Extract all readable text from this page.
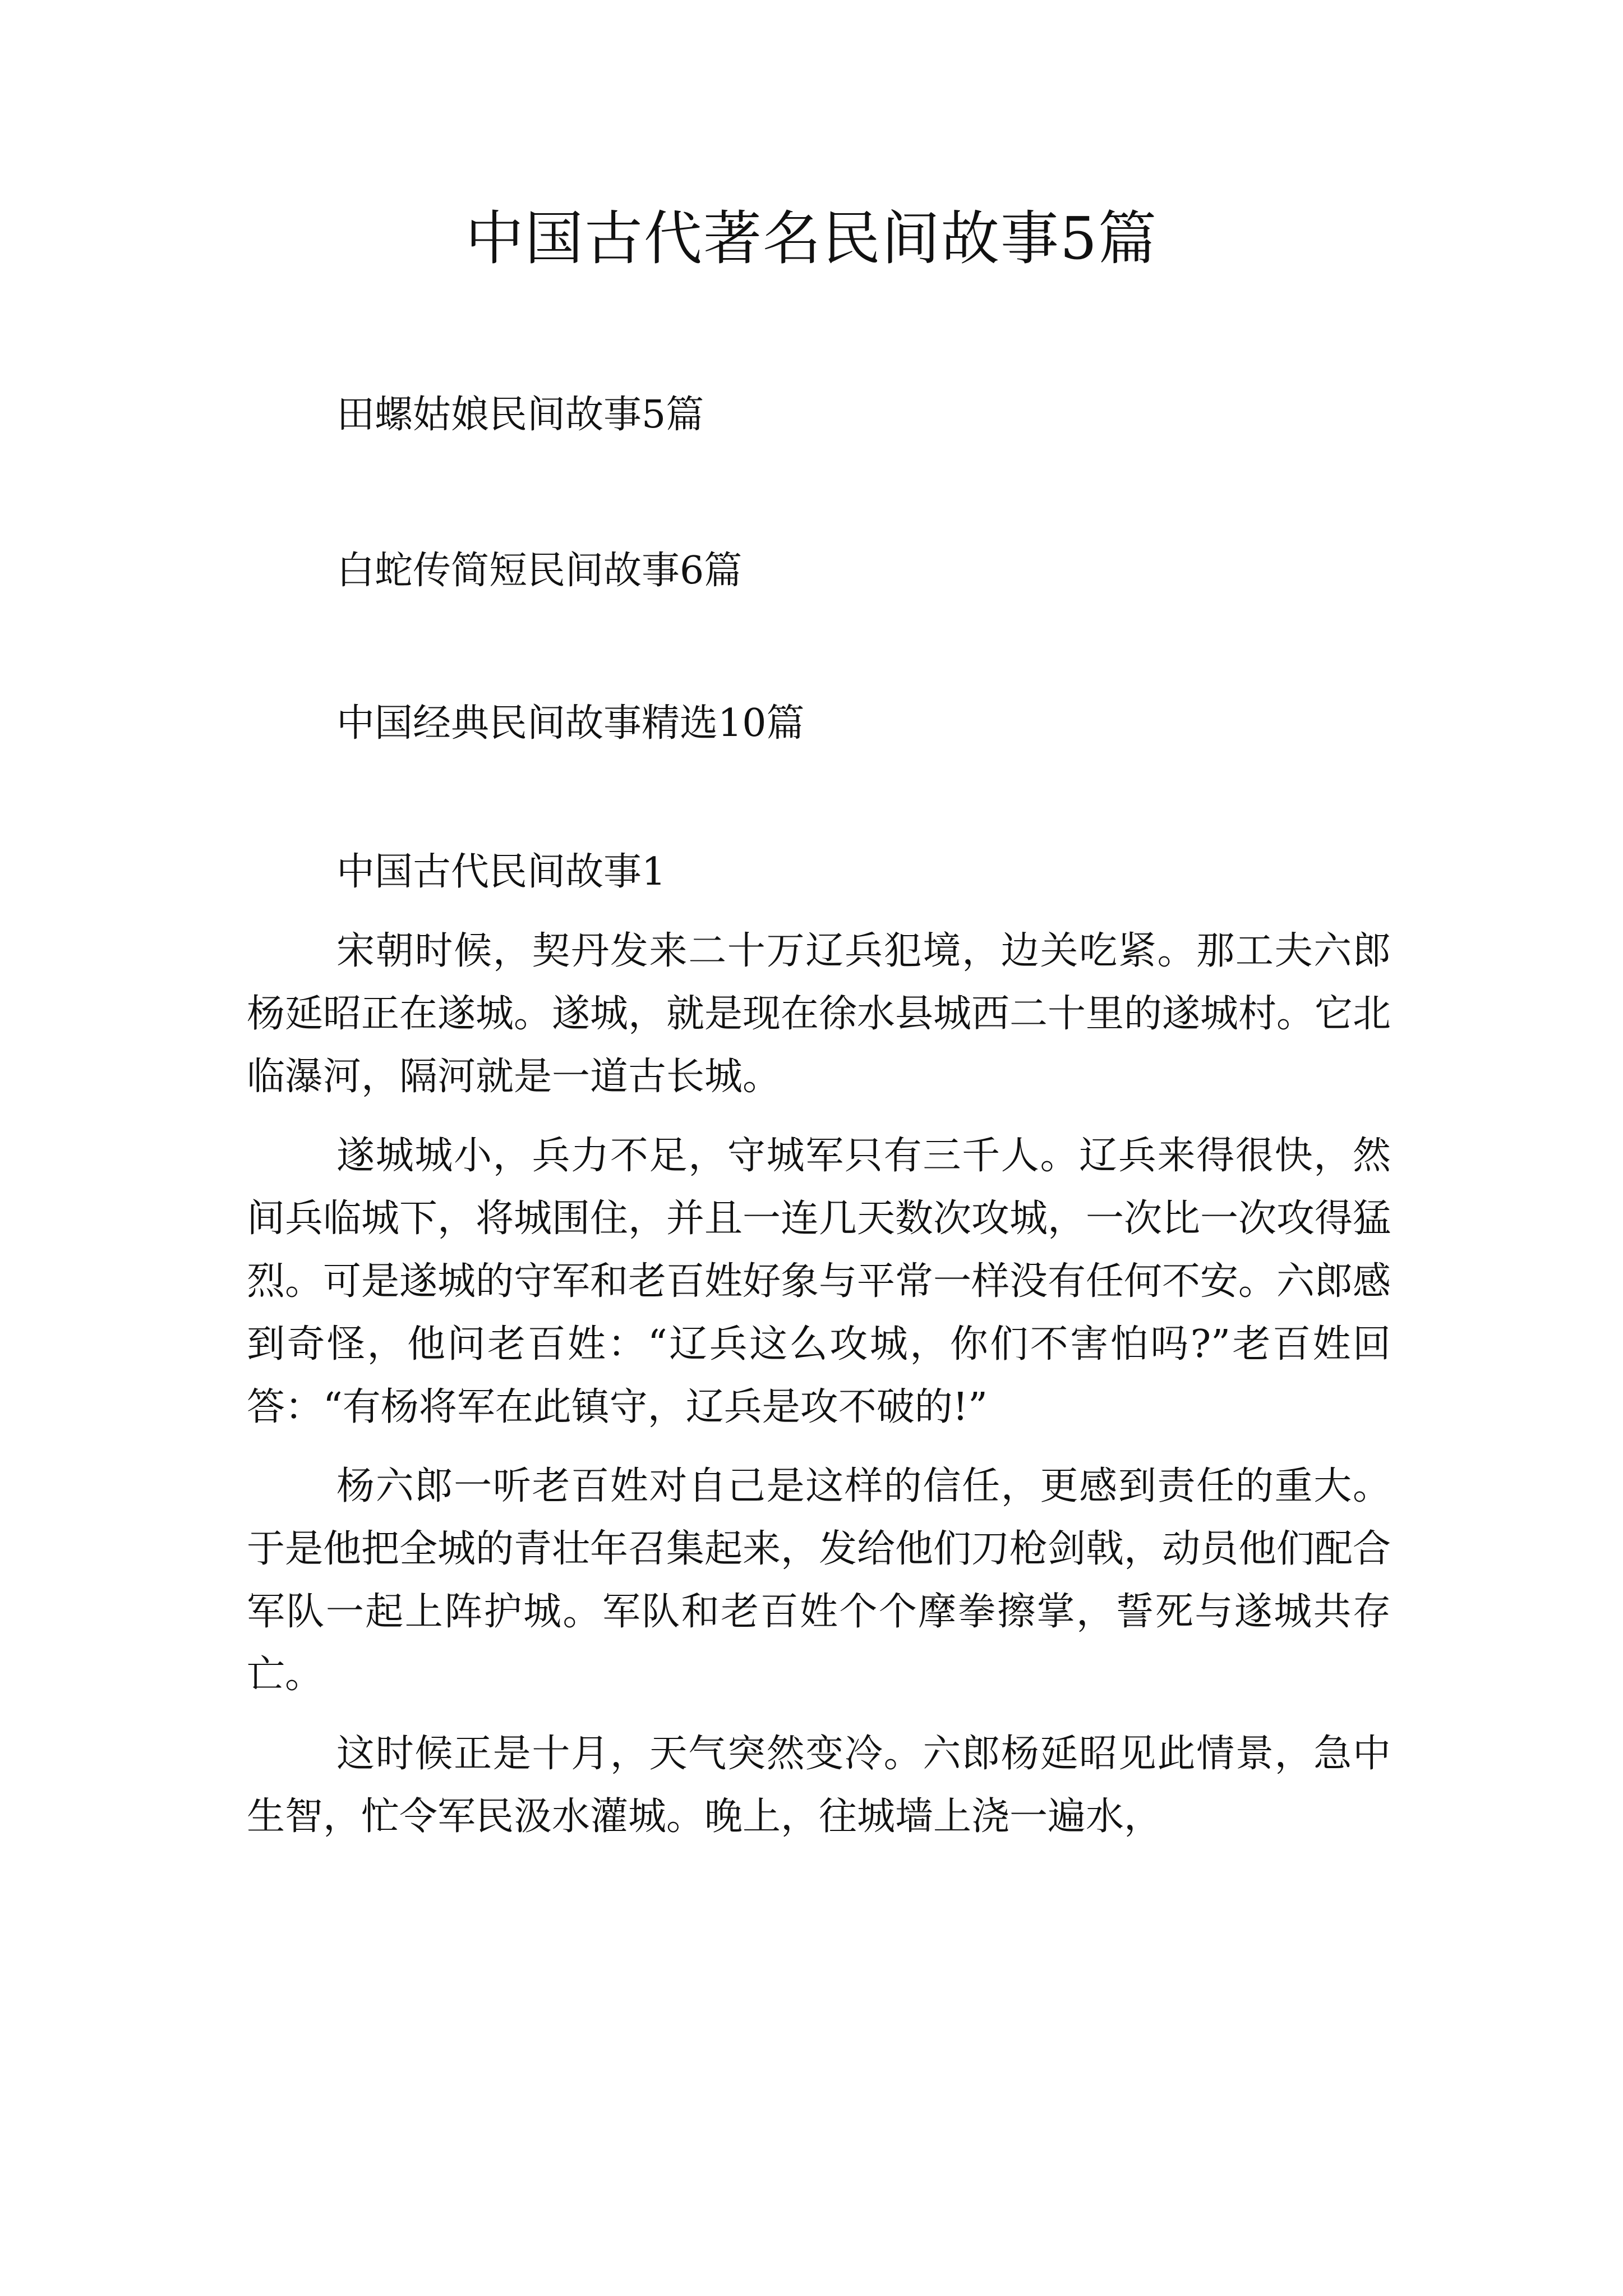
中国古代著名民间故事5篇

田螺姑娘民间故事5篇

白蛇传简短民间故事6篇

中国经典民间故事精选10篇

中国古代民间故事1

宋朝时候，契丹发来二十万辽兵犯境，边关吃紧。那工夫六郎杨延昭正在遂城。遂城，就是现在徐水县城西二十里的遂城村。它北临瀑河，隔河就是一道古长城。

遂城城小，兵力不足，守城军只有三千人。辽兵来得很快，然间兵临城下，将城围住，并且一连几天数次攻城，一次比一次攻得猛烈。可是遂城的守军和老百姓好象与平常一样没有任何不安。六郎感到奇怪，他问老百姓：“辽兵这么攻城，你们不害怕吗?”老百姓回答：“有杨将军在此镇守，辽兵是攻不破的!”

杨六郎一听老百姓对自己是这样的信任，更感到责任的重大。于是他把全城的青壮年召集起来，发给他们刀枪剑戟，动员他们配合军队一起上阵护城。军队和老百姓个个摩拳擦掌，誓死与遂城共存亡。

这时候正是十月，天气突然变冷。六郎杨延昭见此情景，急中生智，忙令军民汲水灌城。晚上，往城墙上浇一遍水，
